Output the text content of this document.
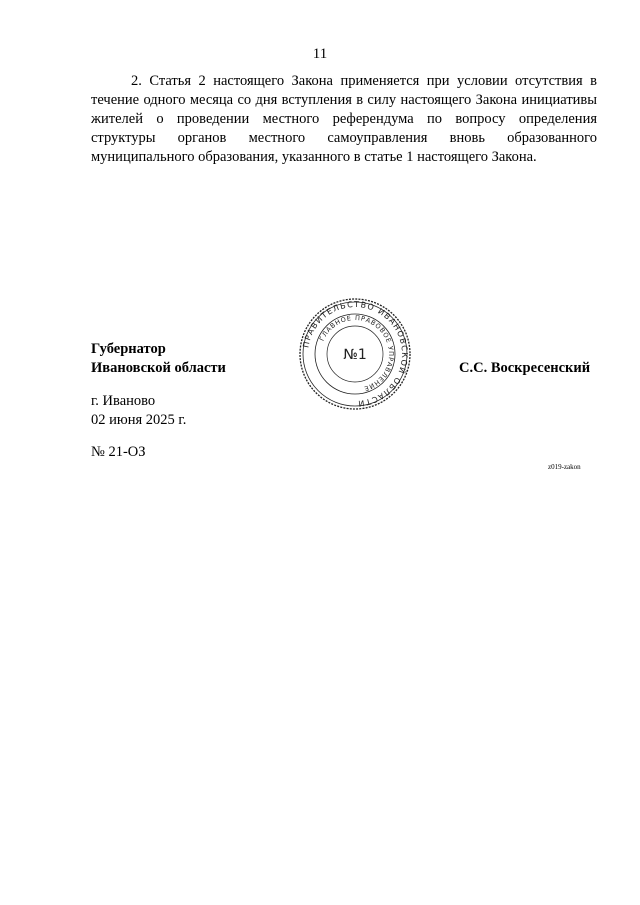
11

2. Статья 2 настоящего Закона применяется при условии отсутствия в течение одного месяца со дня вступления в силу настоящего Закона инициативы жителей о проведении местного референдума по вопросу определения структуры органов местного самоуправления вновь образованного муниципального образования, указанного в статье 1 настоящего Закона.

Губернатор
Ивановской области
ПРАВИТЕЛЬСТВО ИВАНОВСКОЙ ОБЛАСТИ
ГЛАВНОЕ ПРАВОВОЕ УПРАВЛЕНИЕ
№1
С.С. Воскресенский
г. Иваново
02 июня 2025 г.
№ 21-ОЗ
z019-zakon
